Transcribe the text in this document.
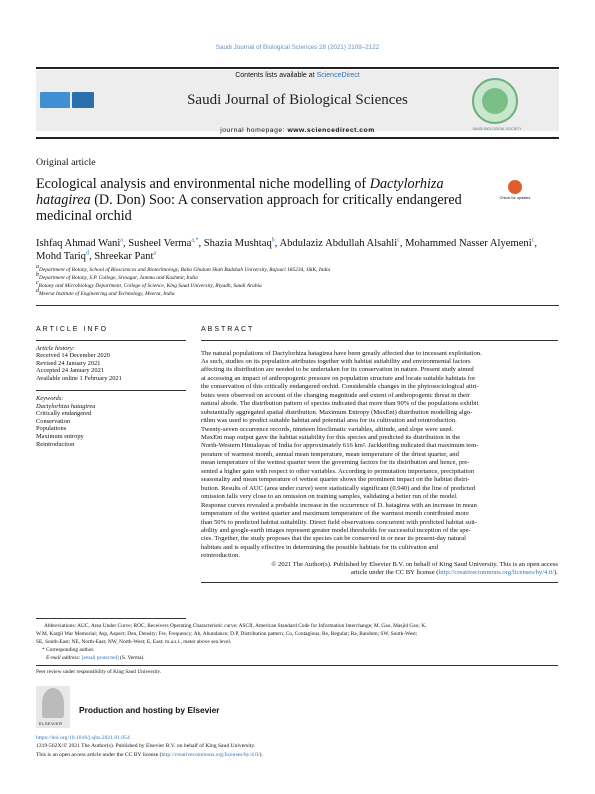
Saudi Journal of Biological Sciences 28 (2021) 2109–2122
Contents lists available at ScienceDirect
Saudi Journal of Biological Sciences
journal homepage: www.sciencedirect.com	SAUDI BIOLOGICAL SOCIETY
Original article
Ecological analysis and environmental niche modelling of Dactylorhiza hatagirea (D. Don) Soo: A conservation approach for critically endangered medicinal orchid
Check for updates
Ishfaq Ahmad Wani$^a$, Susheel Verma$^{a,*}$, Shazia Mushtaq$^b$, Abdulaziz Abdullah Alsahli$^c$, Mohammed Nasser Alyemeni$^c$, Mohd Tariq$^d$, Shreekar Pant$^a$
$^a$Department of Botany, School of Biosciences and Biotechnology, Baba Ghulam Shah Badshah University, Rajouri 185234, J&K, India
$^b$Department of Botany, S.P. College, Srinagar, Jammu and Kashmir, India
$^c$Botany and Microbiology Department, College of Science, King Saud University, Riyadh, Saudi Arabia
$^d$Meerut Institute of Engineering and Technology, Meerut, India
ARTICLE INFO
Article history:
Received 14 December 2020
Revised 24 January 2021
Accepted 24 January 2021
Available online 1 February 2021
Keywords:
Dactylorhiza hatagirea
Critically endangered
Conservation
Populations
Maximum entropy
Reintroduction
ABSTRACT
The natural populations of Dactylorhiza hatagirea have been greatly affected due to incessant exploitation.
As such, studies on its population attributes together with habitat suitability and environmental factors
affecting its distribution are needed to be undertaken for its conservation in nature. Present study aimed
at accessing an impact of anthropogenic pressure on population structure and locate suitable habitats for
the conservation of this critically endangered orchid. Considerable changes in the phytosociological attri-
butes were observed on account of the changing magnitude and extent of anthropogenic threat in their
natural abode. The distribution pattern of species indicated that more than 90% of the populations exhibit
substantially aggregated spatial distribution. Maximum Entropy (MaxEnt) distribution modelling algo-
rithm was used to predict suitable habitat and potential area for its cultivation and reintroduction.
Twenty-seven occurrence records, nineteen bioclimatic variables, altitude, and slope were used.
MaxEnt map output gave the habitat suitability for this species and predicted its distribution in the
North-Western Himalayas of India for approximately 616 km². Jackknifing indicated that maximum tem-
perature of warmest month, annual mean temperature, mean temperature of the driest quarter, and
mean temperature of the wettest quarter were the governing factors for its distribution and hence, pre-
sented a higher gain with respect to other variables. According to permutation importance, precipitation
seasonality and mean temperature of wettest quarter shows the prominent impact on the habitat distri-
bution. Results of AUC (area under curve) were statistically significant (0.940) and the line of predicted
omission falls very close to an omission on training samples, validating a better run of the model.
Response curves revealed a probable increase in the occurrence of D. hatagirea with an increase in mean
temperature of the wettest quarter and maximum temperature of the warmest month contributed more
than 50% to predicted habitat suitability. Direct field observations concurrent with predicted habitat suit-
ability and google-earth images represent greater model thresholds for successful inception of the spe-
cies. Together, the study proposes that the species can be conserved in or near its present-day natural
habitats and is equally effective in determining the possible habitats for its cultivation and
reintroduction.
© 2021 The Author(s). Published by Elsevier B.V. on behalf of King Saud University. This is an open access
article under the CC BY license (http://creativecommons.org/licenses/by/4.0/).
Abbreviations: AUC, Area Under Curve; ROC, Receivers Operating Characteristic curve; ASCII, American Standard Code for Information Interchange; M. Gao, Masjid Gao; K.
W.M, Kargil War Memorial; Asp, Aspect; Den, Density; Fre, Frequency; Ab, Abundance; D.P, Distribution pattern; Co, Contagious; Re, Regular; Ra, Random; SW, South-West;
SE, South-East; NE, North-East; NW, North-West; E, East; m.a.s.l., meter above sea level.
* Corresponding author.
E-mail address: [email protected] (S. Verma).
Peer review under responsibility of King Saud University.
ELSEVIER
Production and hosting by Elsevier
https://doi.org/10.1016/j.sjbs.2021.01.054
1319-562X/© 2021 The Author(s). Published by Elsevier B.V. on behalf of King Saud University.
This is an open access article under the CC BY license (http://creativecommons.org/licenses/by/4.0/).
